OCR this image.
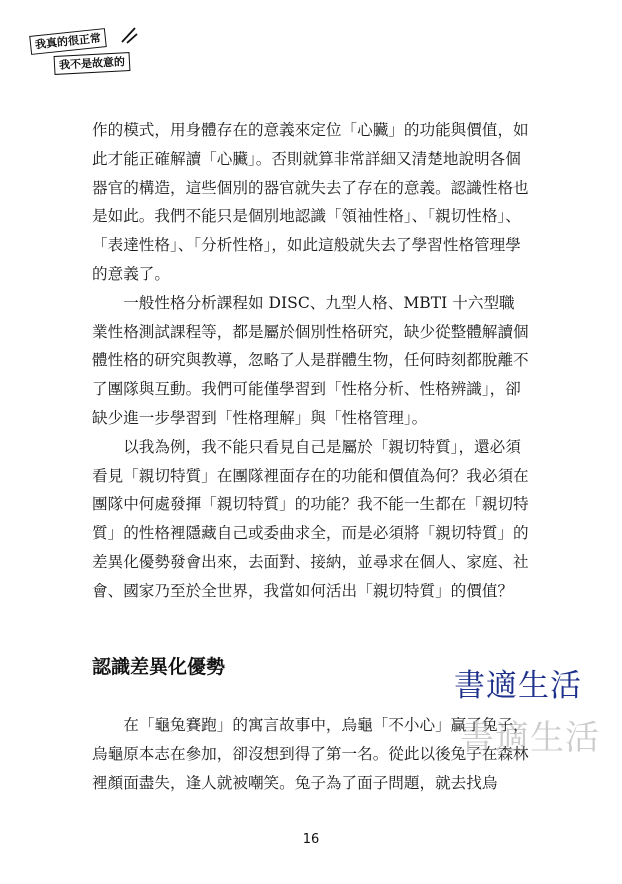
我真的很正常
我不是故意的

作的模式，用身體存在的意義來定位「心臟」的功能與價值，如此才能正確解讀「心臟」。否則就算非常詳細又清楚地說明各個器官的構造，這些個別的器官就失去了存在的意義。認識性格也是如此。我們不能只是個別地認識「領袖性格」、「親切性格」、「表達性格」、「分析性格」，如此這般就失去了學習性格管理學的意義了。

一般性格分析課程如 DISC、九型人格、MBTI 十六型職業性格測試課程等，都是屬於個別性格研究，缺少從整體解讀個體性格的研究與教導，忽略了人是群體生物，任何時刻都脫離不了團隊與互動。我們可能僅學習到「性格分析、性格辨識」，卻缺少進一步學習到「性格理解」與「性格管理」。

以我為例，我不能只看見自己是屬於「親切特質」，還必須看見「親切特質」在團隊裡面存在的功能和價值為何？我必須在團隊中何處發揮「親切特質」的功能？我不能一生都在「親切特質」的性格裡隱藏自己或委曲求全，而是必須將「親切特質」的差異化優勢發會出來，去面對、接納，並尋求在個人、家庭、社會、國家乃至於全世界，我當如何活出「親切特質」的價值？

認識差異化優勢

在「龜兔賽跑」的寓言故事中，烏龜「不小心」贏了兔子，烏龜原本志在參加，卻沒想到得了第一名。從此以後兔子在森林裡顏面盡失，逢人就被嘲笑。兔子為了面子問題，就去找烏

書適生活
書適生活
16
